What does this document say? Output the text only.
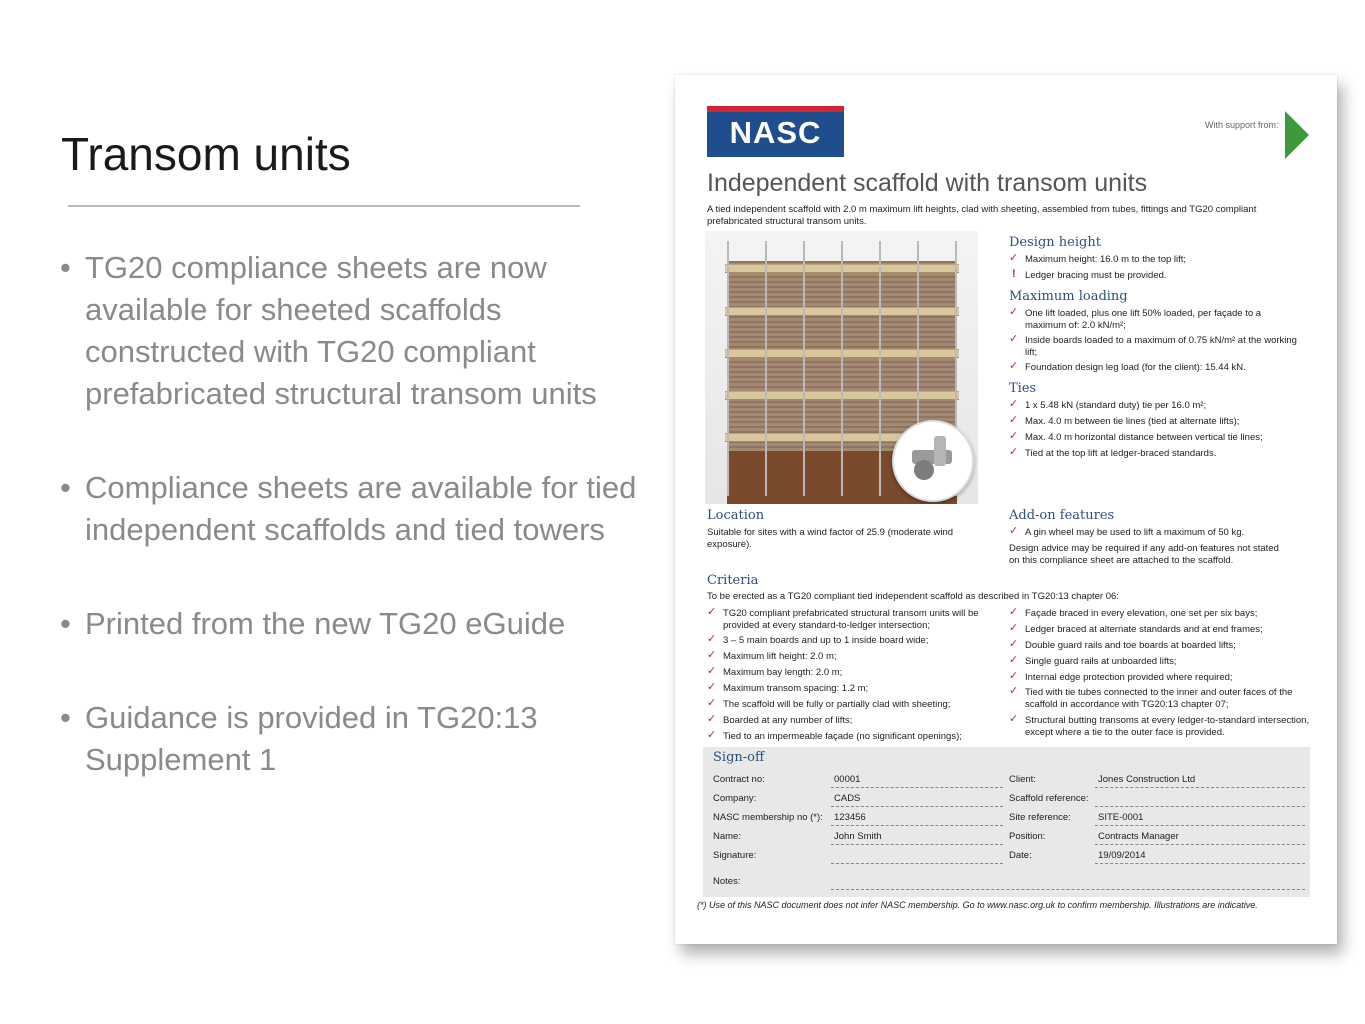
Transom units
• TG20 compliance sheets are now available for sheeted scaffolds constructed with TG20 compliant prefabricated structural transom units
• Compliance sheets are available for tied independent scaffolds and tied towers
• Printed from the new TG20 eGuide
• Guidance is provided in TG20:13 Supplement 1
NASC	With support from:
Independent scaffold with transom units
A tied independent scaffold with 2.0 m maximum lift heights, clad with sheeting, assembled from tubes, fittings and TG20 compliant prefabricated structural transom units.
Design height
✓ Maximum height: 16.0 m to the top lift;
! Ledger bracing must be provided.
Maximum loading
✓ One lift loaded, plus one lift 50% loaded, per façade to a maximum of: 2.0 kN/m²;
✓ Inside boards loaded to a maximum of 0.75 kN/m² at the working lift;
✓ Foundation design leg load (for the client): 15.44 kN.
Ties
✓ 1 x 5.48 kN (standard duty) tie per 16.0 m²;
✓ Max. 4.0 m between tie lines (tied at alternate lifts);
✓ Max. 4.0 m horizontal distance between vertical tie lines;
✓ Tied at the top lift at ledger-braced standards.
Location
Suitable for sites with a wind factor of 25.9 (moderate wind exposure).
Add-on features
✓ A gin wheel may be used to lift a maximum of 50 kg.
Design advice may be required if any add-on features not stated on this compliance sheet are attached to the scaffold.
Criteria
To be erected as a TG20 compliant tied independent scaffold as described in TG20:13 chapter 06:
✓ TG20 compliant prefabricated structural transom units will be provided at every standard-to-ledger intersection;
✓ 3 – 5 main boards and up to 1 inside board wide;
✓ Maximum lift height: 2.0 m;
✓ Maximum bay length: 2.0 m;
✓ Maximum transom spacing: 1.2 m;
✓ The scaffold will be fully or partially clad with sheeting;
✓ Boarded at any number of lifts;
✓ Tied to an impermeable façade (no significant openings);
✓ Façade braced in every elevation, one set per six bays;
✓ Ledger braced at alternate standards and at end frames;
✓ Double guard rails and toe boards at boarded lifts;
✓ Single guard rails at unboarded lifts;
✓ Internal edge protection provided where required;
✓ Tied with tie tubes connected to the inner and outer faces of the scaffold in accordance with TG20:13 chapter 07;
✓ Structural butting transoms at every ledger-to-standard intersection, except where a tie to the outer face is provided.
Sign-off
Contract no:	00001
Company:	CADS
NASC membership no (*): 123456
Name:	John Smith
Signature:
Client:	Jones Construction Ltd
Scaffold reference:
Site reference:	SITE-0001
Position:	Contracts Manager
Date:	19/09/2014
Notes:
(*) Use of this NASC document does not infer NASC membership. Go to www.nasc.org.uk to confirm membership. Illustrations are indicative.
